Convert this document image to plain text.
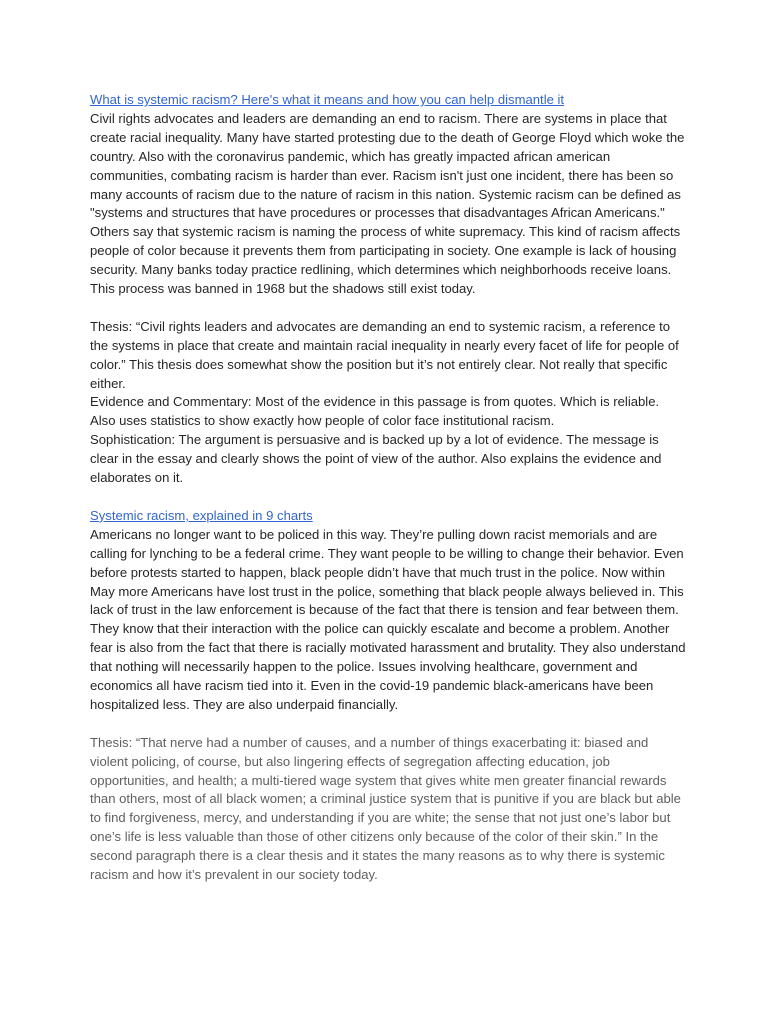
What is systemic racism? Here's what it means and how you can help dismantle it

Civil rights advocates and leaders are demanding an end to racism. There are systems in place that create racial inequality. Many have started protesting due to the death of George Floyd which woke the country. Also with the coronavirus pandemic, which has greatly impacted african american communities, combating racism is harder than ever. Racism isn't just one incident, there has been so many accounts of racism due to the nature of racism in this nation. Systemic racism can be defined as "systems and structures that have procedures or processes that disadvantages African Americans." Others say that systemic racism is naming the process of white supremacy. This kind of racism affects people of color because it prevents them from participating in society. One example is lack of housing security. Many banks today practice redlining, which determines which neighborhoods receive loans. This process was banned in 1968 but the shadows still exist today.

Thesis: “Civil rights leaders and advocates are demanding an end to systemic racism, a reference to the systems in place that create and maintain racial inequality in nearly every facet of life for people of color.” This thesis does somewhat show the position but it’s not entirely clear. Not really that specific either.

Evidence and Commentary: Most of the evidence in this passage is from quotes. Which is reliable. Also uses statistics to show exactly how people of color face institutional racism.

Sophistication: The argument is persuasive and is backed up by a lot of evidence. The message is clear in the essay and clearly shows the point of view of the author. Also explains the evidence and elaborates on it.

Systemic racism, explained in 9 charts

Americans no longer want to be policed in this way. They’re pulling down racist memorials and are calling for lynching to be a federal crime. They want people to be willing to change their behavior. Even before protests started to happen, black people didn’t have that much trust in the police. Now within May more Americans have lost trust in the police, something that black people always believed in. This lack of trust in the law enforcement is because of the fact that there is tension and fear between them. They know that their interaction with the police can quickly escalate and become a problem. Another fear is also from the fact that there is racially motivated harassment and brutality. They also understand that nothing will necessarily happen to the police. Issues involving healthcare, government and economics all have racism tied into it. Even in the covid-19 pandemic black-americans have been hospitalized less. They are also underpaid financially.

Thesis: “That nerve had a number of causes, and a number of things exacerbating it: biased and violent policing, of course, but also lingering effects of segregation affecting education, job opportunities, and health; a multi-tiered wage system that gives white men greater financial rewards than others, most of all black women; a criminal justice system that is punitive if you are black but able to find forgiveness, mercy, and understanding if you are white; the sense that not just one’s labor but one’s life is less valuable than those of other citizens only because of the color of their skin.” In the second paragraph there is a clear thesis and it states the many reasons as to why there is systemic racism and how it’s prevalent in our society today.
